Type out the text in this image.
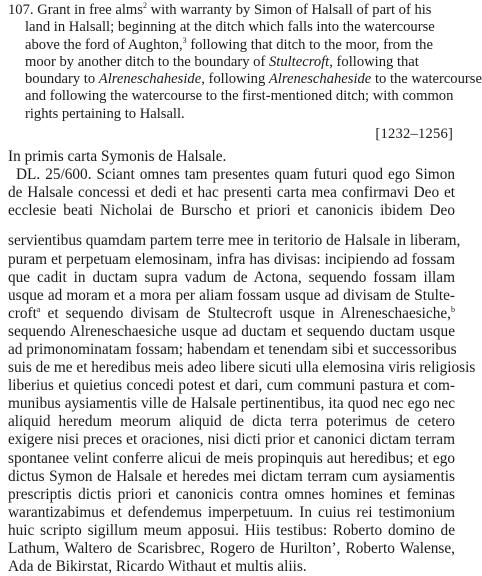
107. Grant in free alms$^2$ with warranty by Simon of Halsall of part of his
land in Halsall; beginning at the ditch which falls into the watercourse
above the ford of Aughton,$^3$ following that ditch to the moor, from the
moor by another ditch to the boundary of Stultecroft, following that
boundary to Alreneschaheside, following Alreneschaheside to the watercourse
and following the watercourse to the first-mentioned ditch; with common
rights pertaining to Halsall.
[1232–1256]
In primis carta Symonis de Halsale.
DL. 25/600. Sciant omnes tam presentes quam futuri quod ego Simon
de Halsale concessi et dedi et hac presenti carta mea confirmavi Deo et
ecclesie beati Nicholai de Burscho et priori et canonicis ibidem Deo
servientibus quamdam partem terre mee in teritorio de Halsale in liberam,
puram et perpetuam elemosinam, infra has divisas: incipiendo ad fossam
que cadit in ductam supra vadum de Actona, sequendo fossam illam
usque ad moram et a mora per aliam fossam usque ad divisam de Stulte-
croft$^a$ et sequendo divisam de Stultecroft usque in Alreneschaesiche,$^b$
sequendo Alreneschaesiche usque ad ductam et sequendo ductam usque
ad primonominatam fossam; habendam et tenendam sibi et successoribus
suis de me et heredibus meis adeo libere sicuti ulla elemosina viris religiosis
liberius et quietius concedi potest et dari, cum communi pastura et com-
munibus aysiamentis ville de Halsale pertinentibus, ita quod nec ego nec
aliquid heredum meorum aliquid de dicta terra poterimus de cetero
exigere nisi preces et oraciones, nisi dicti prior et canonici dictam terram
spontanee velint conferre alicui de meis propinquis aut heredibus; et ego
dictus Symon de Halsale et heredes mei dictam terram cum aysiamentis
prescriptis dictis priori et canonicis contra omnes homines et feminas
warantizabimus et defendemus imperpetuum. In cuius rei testimonium
huic scripto sigillum meum apposui. Hiis testibus: Roberto domino de
Lathum, Waltero de Scarisbrec, Rogero de Huriltonʼ, Roberto Walense,
Ada de Bikirstat, Ricardo Withaut et multis aliis.
